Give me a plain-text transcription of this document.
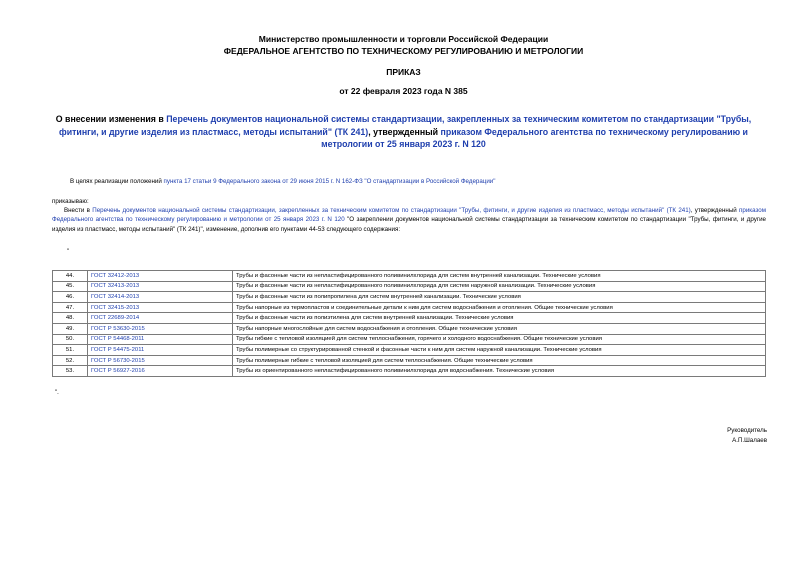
Министерство промышленности и торговли Российской Федерации
ФЕДЕРАЛЬНОЕ АГЕНТСТВО ПО ТЕХНИЧЕСКОМУ РЕГУЛИРОВАНИЮ И МЕТРОЛОГИИ
ПРИКАЗ
от 22 февраля 2023 года N 385
О внесении изменения в Перечень документов национальной системы стандартизации, закрепленных за техническим комитетом по стандартизации "Трубы, фитинги, и другие изделия из пластмасс, методы испытаний" (ТК 241), утвержденный приказом Федерального агентства по техническому регулированию и метрологии от 25 января 2023 г. N 120
В целях реализации положений пункта 17 статьи 9 Федерального закона от 29 июня 2015 г. N 162-ФЗ "О стандартизации в Российской Федерации"
приказываю:
Внести в Перечень документов национальной системы стандартизации, закрепленных за техническим комитетом по стандартизации "Трубы, фитинги, и другие изделия из пластмасс, методы испытаний" (ТК 241), утвержденный приказом Федерального агентства по техническому регулированию и метрологии от 25 января 2023 г. N 120 "О закреплении документов национальной системы стандартизации за техническим комитетом по стандартизации "Трубы, фитинги, и другие изделия из пластмасс, методы испытаний" (ТК 241)", изменение, дополнив его пунктами 44-53 следующего содержания:
"
44.	ГОСТ 32412-2013	Трубы и фасонные части из непластифицированного поливинилхлорида для систем внутренней канализации. Технические условия
45.	ГОСТ 32413-2013	Трубы и фасонные части из непластифицированного поливинилхлорида для систем наружной канализации. Технические условия
46.	ГОСТ 32414-2013	Трубы и фасонные части из полипропилена для систем внутренней канализации. Технические условия
47.	ГОСТ 32415-2013	Трубы напорные из термопластов и соединительные детали к ним для систем водоснабжения и отопления. Общие технические условия
48.	ГОСТ 22689-2014	Трубы и фасонные части из полиэтилена для систем внутренней канализации. Технические условия
49.	ГОСТ Р 53630-2015	Трубы напорные многослойные для систем водоснабжения и отопления. Общие технические условия
50.	ГОСТ Р 54468-2011	Трубы гибкие с тепловой изоляцией для систем теплоснабжения, горячего и холодного водоснабжения. Общие технические условия
51.	ГОСТ Р 54475-2011	Трубы полимерные со структурированной стенкой и фасонные части к ним для систем наружной канализации. Технические условия
52.	ГОСТ Р 56730-2015	Трубы полимерные гибкие с тепловой изоляцией для систем теплоснабжения. Общие технические условия
53.	ГОСТ Р 56927-2016	Трубы из ориентированного непластифицированного поливинилхлорида для водоснабжения. Технические условия
".
Руководитель
А.П.Шалаев
